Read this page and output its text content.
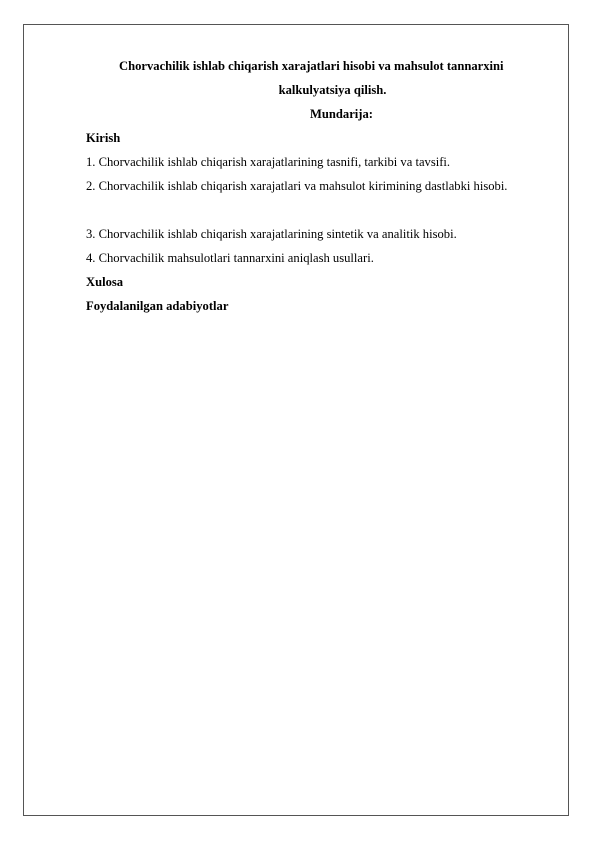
Chorvachilik ishlab chiqarish xarajatlari hisobi va mahsulot tannarxini
kalkulyatsiya qilish.
Mundarija:
Kirish
1. Chorvachilik ishlab chiqarish xarajatlarining tasnifi, tarkibi va tavsifi.
2. Chorvachilik ishlab chiqarish xarajatlari va mahsulot kirimining dastlabki hisobi.
3. Chorvachilik ishlab chiqarish xarajatlarining sintetik va analitik hisobi.
4. Chorvachilik mahsulotlari tannarxini aniqlash usullari.
Xulosa
Foydalanilgan adabiyotlar
